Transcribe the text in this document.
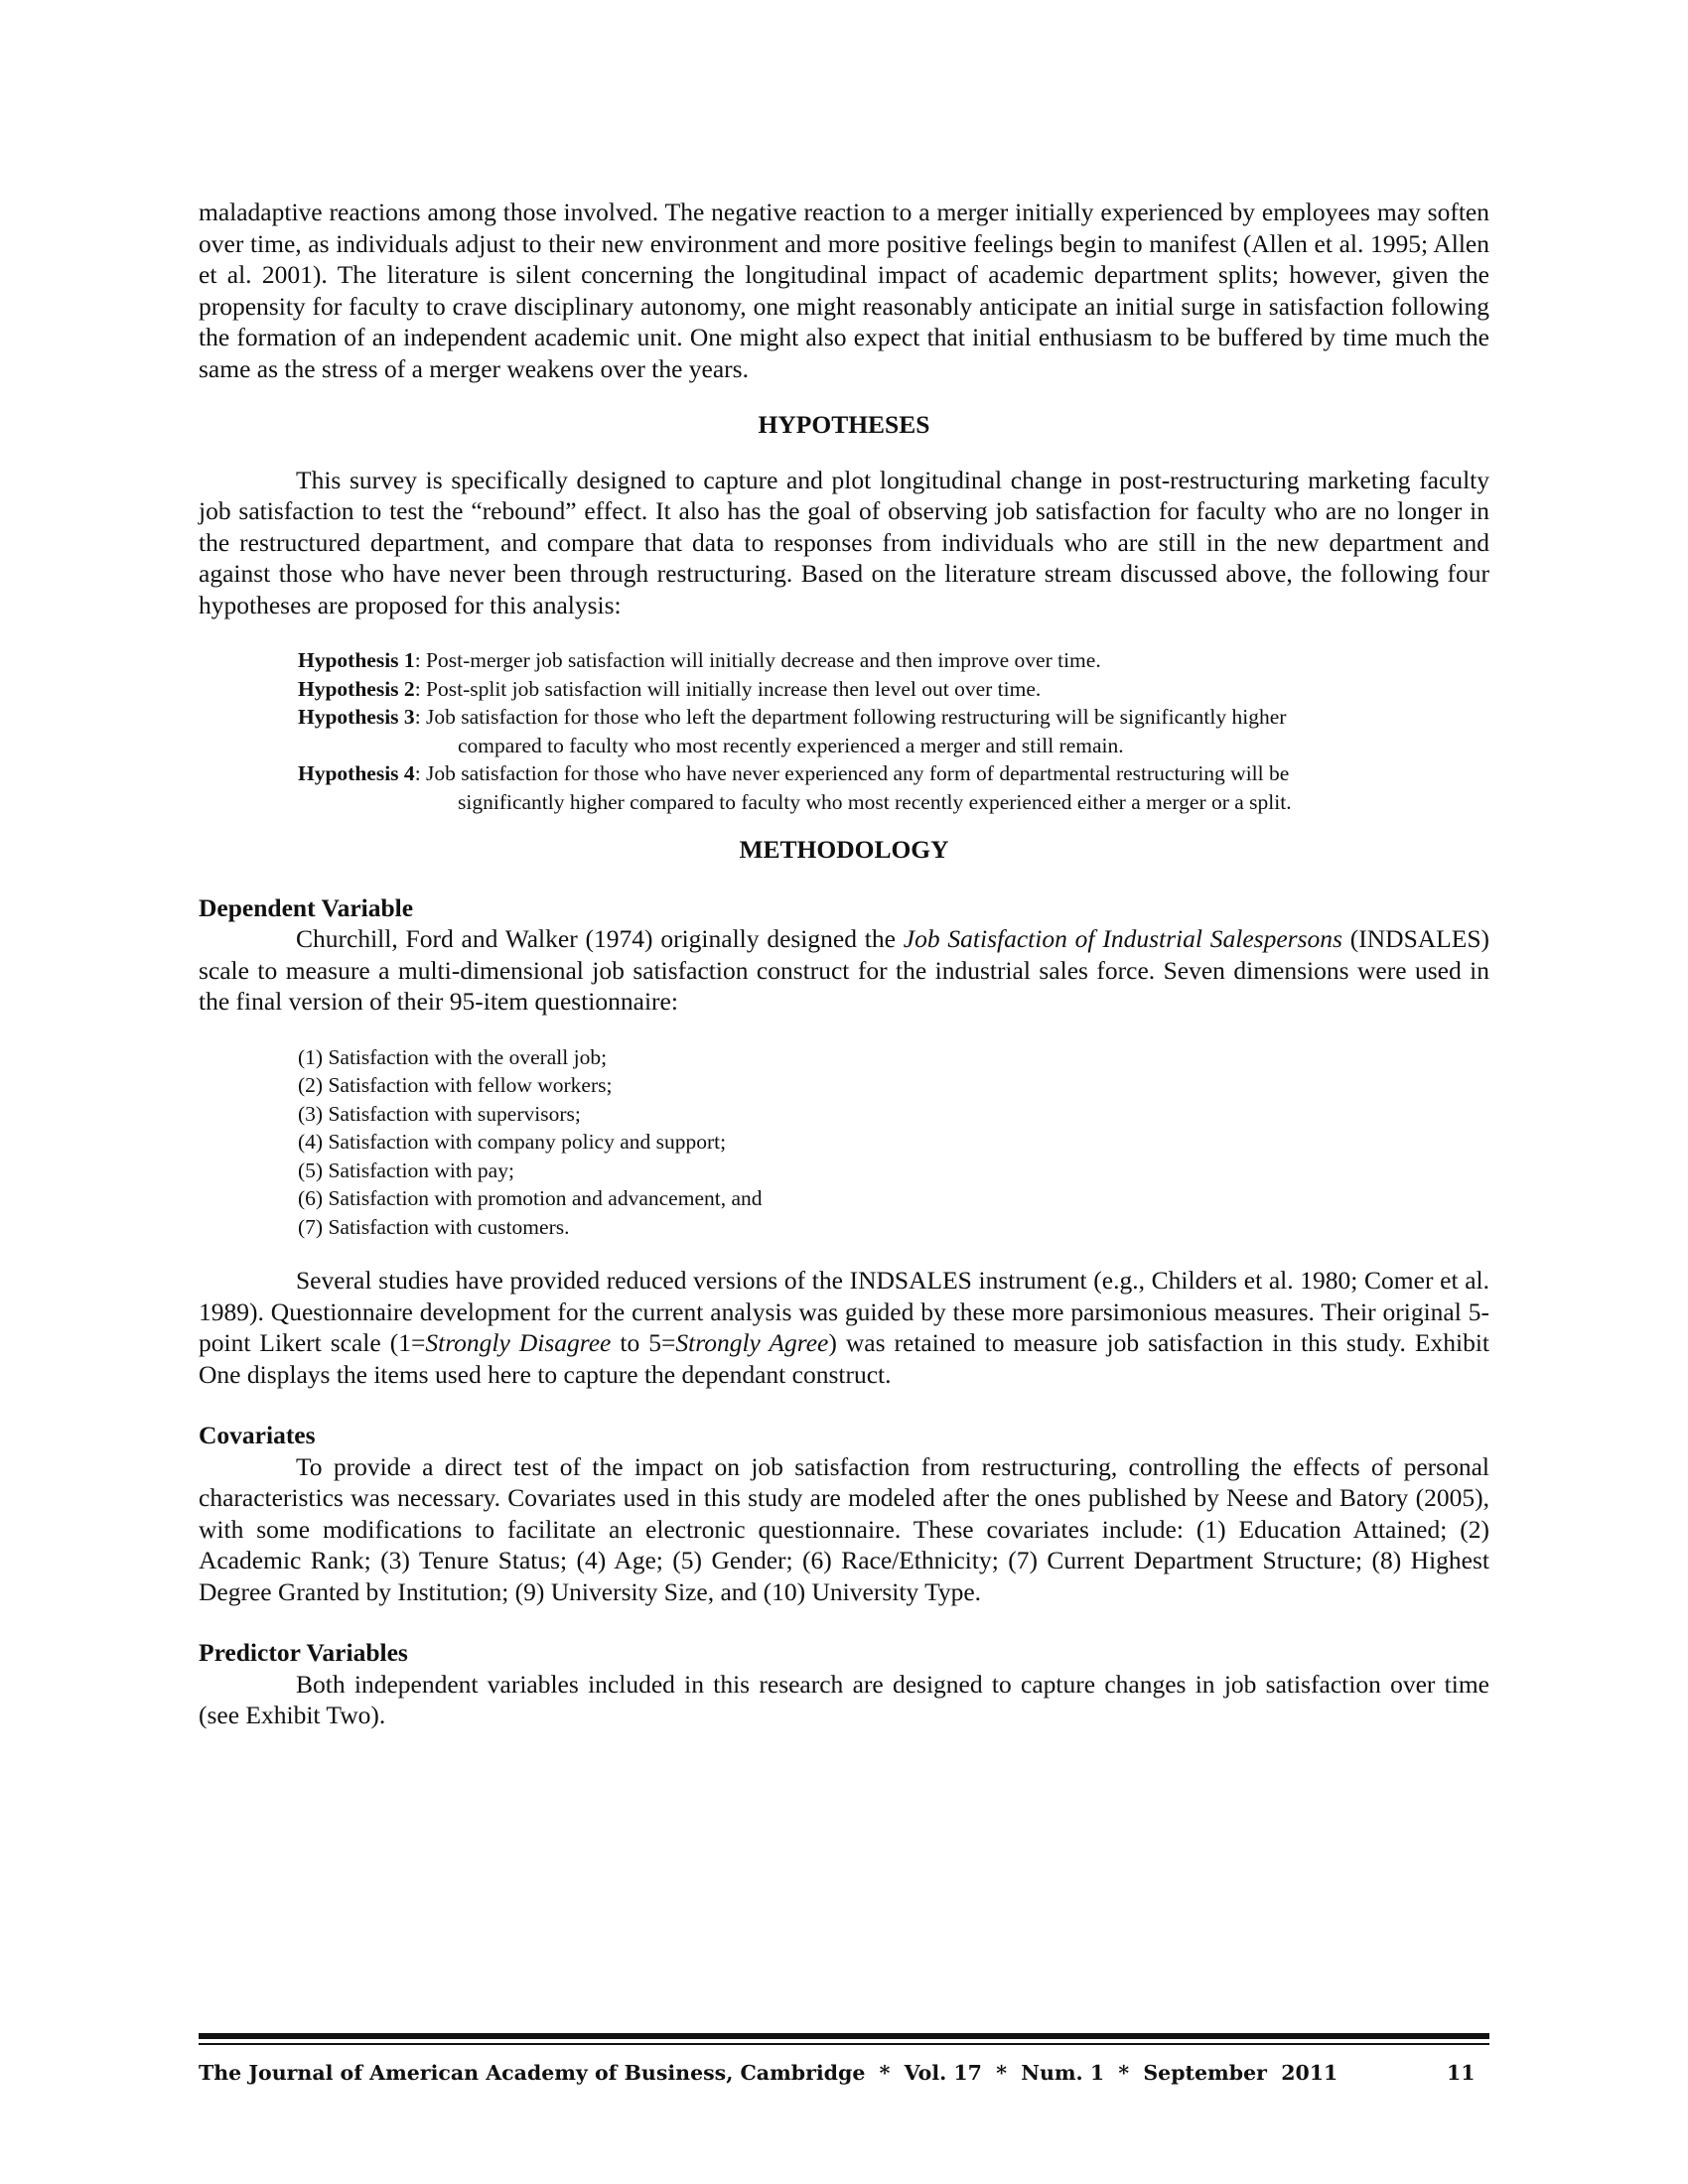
maladaptive reactions among those involved. The negative reaction to a merger initially experienced by employees may soften over time, as individuals adjust to their new environment and more positive feelings begin to manifest (Allen et al. 1995; Allen et al. 2001). The literature is silent concerning the longitudinal impact of academic department splits; however, given the propensity for faculty to crave disciplinary autonomy, one might reasonably anticipate an initial surge in satisfaction following the formation of an independent academic unit. One might also expect that initial enthusiasm to be buffered by time much the same as the stress of a merger weakens over the years.

HYPOTHESES

This survey is specifically designed to capture and plot longitudinal change in post-restructuring marketing faculty job satisfaction to test the “rebound” effect. It also has the goal of observing job satisfaction for faculty who are no longer in the restructured department, and compare that data to responses from individuals who are still in the new department and against those who have never been through restructuring. Based on the literature stream discussed above, the following four hypotheses are proposed for this analysis:

Hypothesis 1: Post-merger job satisfaction will initially decrease and then improve over time.
Hypothesis 2: Post-split job satisfaction will initially increase then level out over time.
Hypothesis 3: Job satisfaction for those who left the department following restructuring will be significantly higher
compared to faculty who most recently experienced a merger and still remain.
Hypothesis 4: Job satisfaction for those who have never experienced any form of departmental restructuring will be
significantly higher compared to faculty who most recently experienced either a merger or a split.
METHODOLOGY
Dependent Variable

Churchill, Ford and Walker (1974) originally designed the Job Satisfaction of Industrial Salespersons (INDSALES) scale to measure a multi-dimensional job satisfaction construct for the industrial sales force. Seven dimensions were used in the final version of their 95-item questionnaire:

(1) Satisfaction with the overall job;
(2) Satisfaction with fellow workers;
(3) Satisfaction with supervisors;
(4) Satisfaction with company policy and support;
(5) Satisfaction with pay;
(6) Satisfaction with promotion and advancement, and
(7) Satisfaction with customers.

Several studies have provided reduced versions of the INDSALES instrument (e.g., Childers et al. 1980; Comer et al. 1989). Questionnaire development for the current analysis was guided by these more parsimonious measures. Their original 5-point Likert scale (1=Strongly Disagree to 5=Strongly Agree) was retained to measure job satisfaction in this study. Exhibit One displays the items used here to capture the dependant construct.

Covariates

To provide a direct test of the impact on job satisfaction from restructuring, controlling the effects of personal characteristics was necessary. Covariates used in this study are modeled after the ones published by Neese and Batory (2005), with some modifications to facilitate an electronic questionnaire. These covariates include: (1) Education Attained; (2) Academic Rank; (3) Tenure Status; (4) Age; (5) Gender; (6) Race/Ethnicity; (7) Current Department Structure; (8) Highest Degree Granted by Institution; (9) University Size, and (10) University Type.

Predictor Variables

Both independent variables included in this research are designed to capture changes in job satisfaction over time (see Exhibit Two).

The Journal of American Academy of Business, Cambridge  *  Vol. 17  *  Num. 1  *  September  2011	11
